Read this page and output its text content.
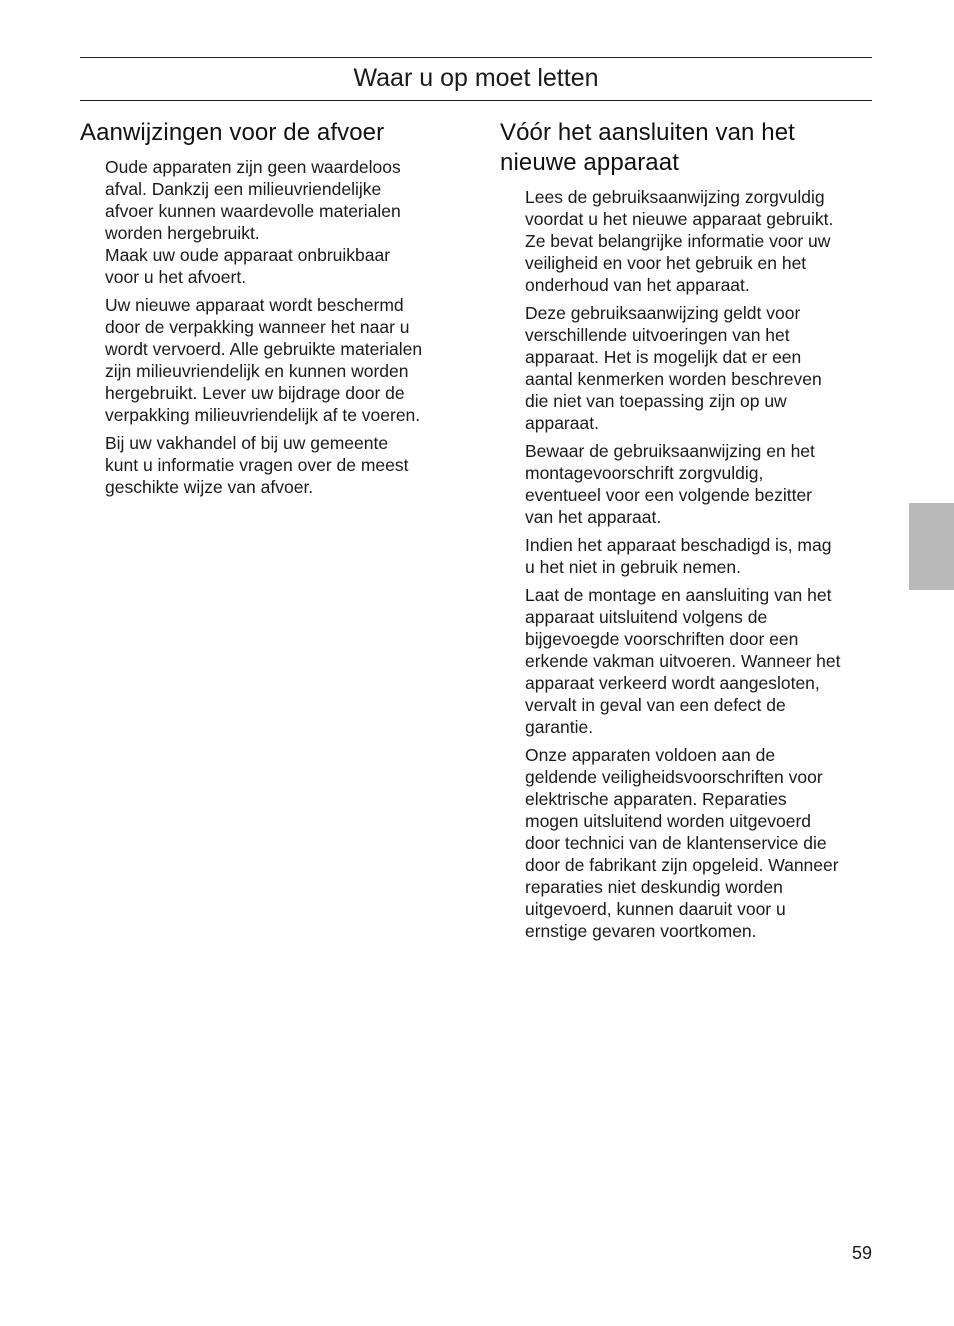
Waar u op moet letten
Aanwijzingen voor de afvoer

Oude apparaten zijn geen waardeloos
afval. Dankzij een milieuvriendelijke
afvoer kunnen waardevolle materialen
worden hergebruikt.
Maak uw oude apparaat onbruikbaar
voor u het afvoert.

Uw nieuwe apparaat wordt beschermd
door de verpakking wanneer het naar u
wordt vervoerd. Alle gebruikte materialen
zijn milieuvriendelijk en kunnen worden
hergebruikt. Lever uw bijdrage door de
verpakking milieuvriendelijk af te voeren.

Bij uw vakhandel of bij uw gemeente
kunt u informatie vragen over de meest
geschikte wijze van afvoer.

Vóór het aansluiten van het
nieuwe apparaat

Lees de gebruiksaanwijzing zorgvuldig
voordat u het nieuwe apparaat gebruikt.
Ze bevat belangrijke informatie voor uw
veiligheid en voor het gebruik en het
onderhoud van het apparaat.

Deze gebruiksaanwijzing geldt voor
verschillende uitvoeringen van het
apparaat. Het is mogelijk dat er een
aantal kenmerken worden beschreven
die niet van toepassing zijn op uw
apparaat.

Bewaar de gebruiksaanwijzing en het
montagevoorschrift zorgvuldig,
eventueel voor een volgende bezitter
van het apparaat.

Indien het apparaat beschadigd is, mag
u het niet in gebruik nemen.

Laat de montage en aansluiting van het
apparaat uitsluitend volgens de
bijgevoegde voorschriften door een
erkende vakman uitvoeren. Wanneer het
apparaat verkeerd wordt aangesloten,
vervalt in geval van een defect de
garantie.

Onze apparaten voldoen aan de
geldende veiligheidsvoorschriften voor
elektrische apparaten. Reparaties
mogen uitsluitend worden uitgevoerd
door technici van de klantenservice die
door de fabrikant zijn opgeleid. Wanneer
reparaties niet deskundig worden
uitgevoerd, kunnen daaruit voor u
ernstige gevaren voortkomen.

59
